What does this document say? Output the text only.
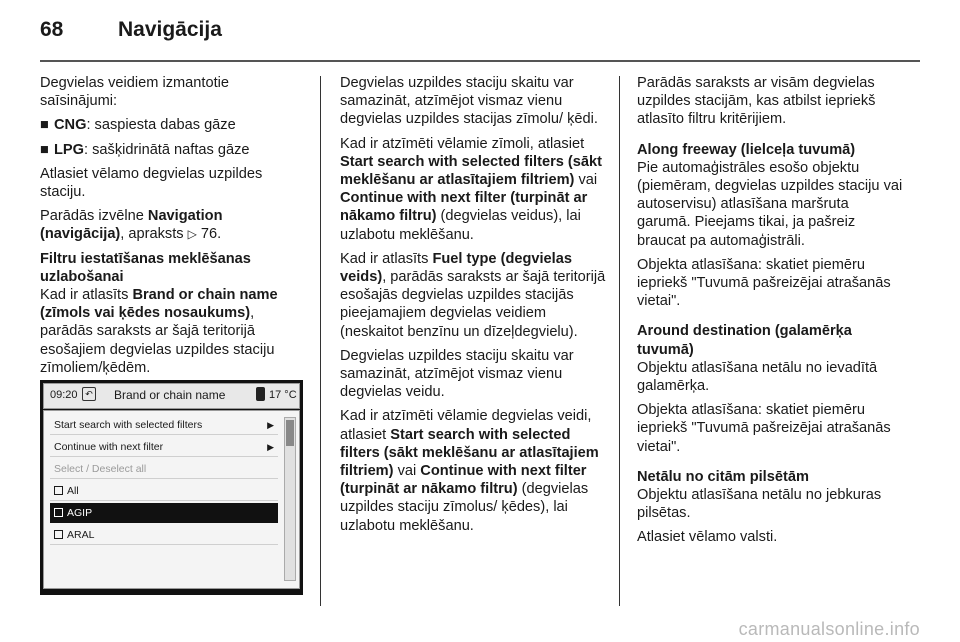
68	Navigācija

Degvielas veidiem izmantotie saīsinājumi:

■ CNG: saspiesta dabas gāze
■ LPG: sašķidrinātā naftas gāze

Atlasiet vēlamo degvielas uzpildes staciju.

Parādās izvēlne Navigation (navigācija), apraksts ▷ 76.

Filtru iestatīšanas meklēšanas uzlabošanai

Kad ir atlasīts Brand or chain name (zīmols vai ķēdes nosaukums), parādās saraksts ar šajā teritorijā esošajiem degvielas uzpildes staciju zīmoliem/ķēdēm.

09:20 ↶ Brand or chain name	17 °C
Start search with selected filters	▶
Continue with next filter	▶
Select / Deselect all
All
AGIP
ARAL

Degvielas uzpildes staciju skaitu var samazināt, atzīmējot vismaz vienu degvielas uzpildes stacijas zīmolu/ ķēdi.

Kad ir atzīmēti vēlamie zīmoli, atlasiet Start search with selected filters (sākt meklēšanu ar atlasītajiem filtriem) vai Continue with next filter (turpināt ar nākamo filtru) (degvielas veidus), lai uzlabotu meklēšanu.

Kad ir atlasīts Fuel type (degvielas veids), parādās saraksts ar šajā teritorijā esošajās degvielas uzpildes stacijās pieejamajiem degvielas veidiem (neskaitot benzīnu un dīzeļdegvielu).

Degvielas uzpildes staciju skaitu var samazināt, atzīmējot vismaz vienu degvielas veidu.

Kad ir atzīmēti vēlamie degvielas veidi, atlasiet Start search with selected filters (sākt meklēšanu ar atlasītajiem filtriem) vai Continue with next filter (turpināt ar nākamo filtru) (degvielas uzpildes staciju zīmolus/ ķēdes), lai uzlabotu meklēšanu.

Parādās saraksts ar visām degvielas uzpildes stacijām, kas atbilst iepriekš atlasīto filtru kritērijiem.

Along freeway (lielceļa tuvumā)

Pie automaģistrāles esošo objektu (piemēram, degvielas uzpildes staciju vai autoservisu) atlasīšana maršruta garumā. Pieejams tikai, ja pašreiz braucat pa automaģistrāli.

Objekta atlasīšana: skatiet piemēru iepriekš "Tuvumā pašreizējai atrašanās vietai".

Around destination (galamērķa tuvumā)

Objektu atlasīšana netālu no ievadītā galamērķa.

Objekta atlasīšana: skatiet piemēru iepriekš "Tuvumā pašreizējai atrašanās vietai".

Netālu no citām pilsētām

Objektu atlasīšana netālu no jebkuras pilsētas.

Atlasiet vēlamo valsti.

carmanualsonline.info
